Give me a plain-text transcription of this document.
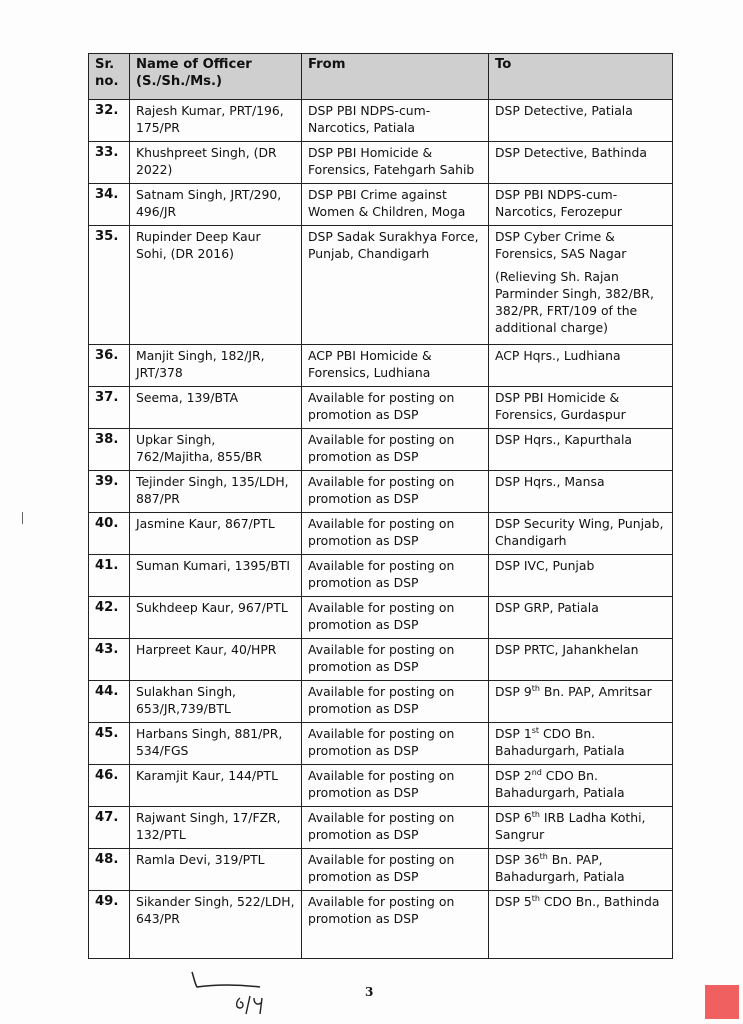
Sr. no.	Name of Officer (S./Sh./Ms.)	From	To
32.	Rajesh Kumar, PRT/196, 175/PR	DSP PBI NDPS-cum-Narcotics, Patiala	DSP Detective, Patiala
33.	Khushpreet Singh, (DR 2022)	DSP PBI Homicide & Forensics, Fatehgarh Sahib	DSP Detective, Bathinda
34.	Satnam Singh, JRT/290, 496/JR	DSP PBI Crime against Women & Children, Moga	DSP PBI NDPS-cum-Narcotics, Ferozepur
35.	Rupinder Deep Kaur Sohi, (DR 2016)	DSP Sadak Surakhya Force, Punjab, Chandigarh	DSP Cyber Crime & Forensics, SAS Nagar
(Relieving Sh. Rajan Parminder Singh, 382/BR, 382/PR, FRT/109 of the additional charge)

36.	Manjit Singh, 182/JR, JRT/378	ACP PBI Homicide & Forensics, Ludhiana	ACP Hqrs., Ludhiana
37.	Seema, 139/BTA	Available for posting on promotion as DSP	DSP PBI Homicide & Forensics, Gurdaspur
38.	Upkar Singh, 762/Majitha, 855/BR	Available for posting on promotion as DSP	DSP Hqrs., Kapurthala
39.	Tejinder Singh, 135/LDH, 887/PR	Available for posting on promotion as DSP	DSP Hqrs., Mansa
40.	Jasmine Kaur, 867/PTL	Available for posting on promotion as DSP	DSP Security Wing, Punjab, Chandigarh
41.	Suman Kumari, 1395/BTI	Available for posting on promotion as DSP	DSP IVC, Punjab
42.	Sukhdeep Kaur, 967/PTL	Available for posting on promotion as DSP	DSP GRP, Patiala
43.	Harpreet Kaur, 40/HPR	Available for posting on promotion as DSP	DSP PRTC, Jahankhelan
44.	Sulakhan Singh, 653/JR,739/BTL	Available for posting on promotion as DSP	DSP 9th Bn. PAP, Amritsar
45.	Harbans Singh, 881/PR, 534/FGS	Available for posting on promotion as DSP	DSP 1st CDO Bn. Bahadurgarh, Patiala
46.	Karamjit Kaur, 144/PTL	Available for posting on promotion as DSP	DSP 2nd CDO Bn. Bahadurgarh, Patiala
47.	Rajwant Singh, 17/FZR, 132/PTL	Available for posting on promotion as DSP	DSP 6th IRB Ladha Kothi, Sangrur
48.	Ramla Devi, 319/PTL	Available for posting on promotion as DSP	DSP 36th Bn. PAP, Bahadurgarh, Patiala
49.	Sikander Singh, 522/LDH, 643/PR	Available for posting on promotion as DSP	DSP 5th CDO Bn., Bathinda
3
